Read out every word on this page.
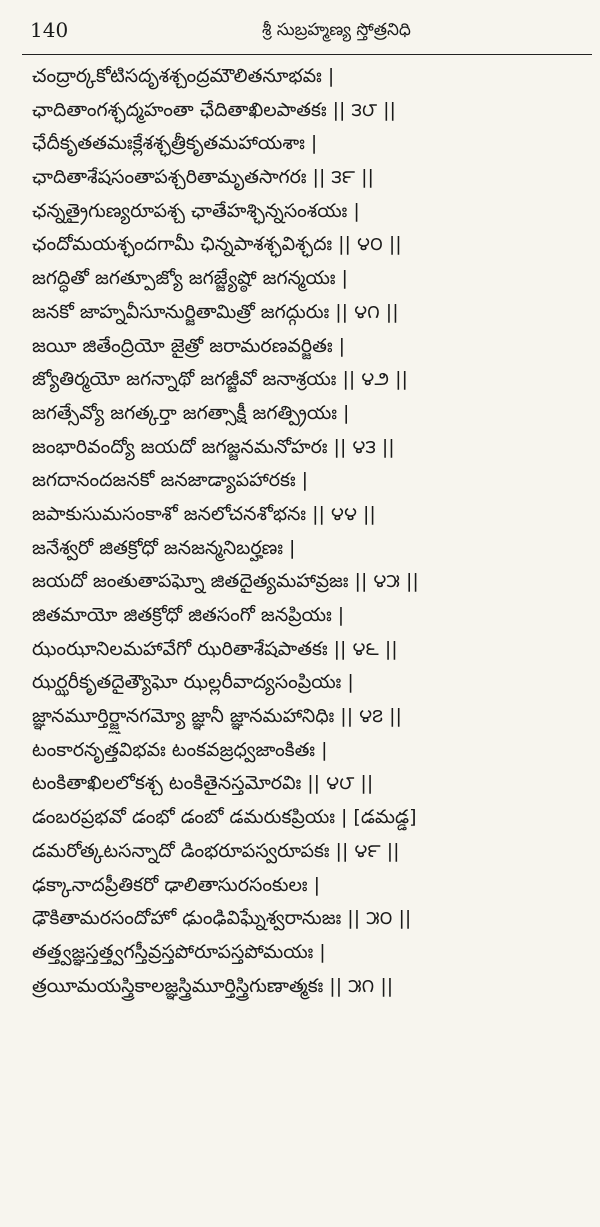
140	శ్రీ సుబ్రహ్మణ్య స్తోత్రనిధి
చంద్రార్కకోటిసదృశశ్చంద్రమౌలితనూభవః |
ఛాదితాంగశ్ఛద్మహంతా ఛేదితాఖిలపాతకః || ౩౮ ||
ఛేదీకృతతమఃక్లేశశ్ఛత్రీకృతమహాయశాః |
ఛాదితాశేషసంతాపశ్చరితామృతసాగరః || ౩౯ ||
ఛన్నత్రైగుణ్యరూపశ్చ ఛాతేహశ్ఛిన్నసంశయః |
ఛందోమయశ్ఛందగామీ ఛిన్నపాశశ్ఛవిశ్ఛదః || ౪౦ ||
జగద్ధితో జగత్పూజ్యో జగజ్జ్యేష్ఠో జగన్మయః |
జనకో జాహ్నవీసూనుర్జితామిత్రో జగద్గురుః || ౪౧ ||
జయీ జితేంద్రియో జైత్రో జరామరణవర్జితః |
జ్యోతిర్మయో జగన్నాథో జగజ్జీవో జనాశ్రయః || ౪౨ ||
జగత్సేవ్యో జగత్కర్తా జగత్సాక్షీ జగత్ప్రియః |
జంభారివంద్యో జయదో జగజ్జనమనోహరః || ౪౩ ||
జగదానందజనకో జనజాడ్యాపహారకః |
జపాకుసుమసంకాశో జనలోచనశోభనః || ౪౪ ||
జనేశ్వరో జితక్రోధో జనజన్మనిబర్హణః |
జయదో జంతుతాపఘ్నో జితదైత్యమహావ్రజః || ౪౫ ||
జితమాయో జితక్రోధో జితసంగో జనప్రియః |
ఝంఝానిలమహావేగో ఝరితాశేషపాతకః || ౪౬ ||
ఝర్ఝరీకృతదైత్యౌఘో ఝల్లరీవాద్యసంప్రియః |
జ్ఞానమూర్తిర్జ్ఞానగమ్యో జ్ఞానీ జ్ఞానమహానిధిః || ౪౭ ||
టంకారనృత్తవిభవః టంకవజ్రధ్వజాంకితః |
టంకితాఖిలలోకశ్చ టంకితైనస్తమోరవిః || ౪౮ ||
డంబరప్రభవో డంభో డంబో డమరుకప్రియః | [డమడ్డ]
డమరోత్కటసన్నాదో డింభరూపస్వరూపకః || ౪౯ ||
ఢక్కానాదప్రీతికరో ఢాలితాసురసంకులః |
ఢౌకితామరసందోహో ఢుంఢివిఘ్నేశ్వరానుజః || ౫౦ ||
తత్త్వజ్ఞస్తత్త్వగస్తీవ్రస్తపోరూపస్తపోమయః |
త్రయీమయస్త్రికాలజ్ఞస్త్రిమూర్తిస్త్రిగుణాత్మకః || ౫౧ ||
